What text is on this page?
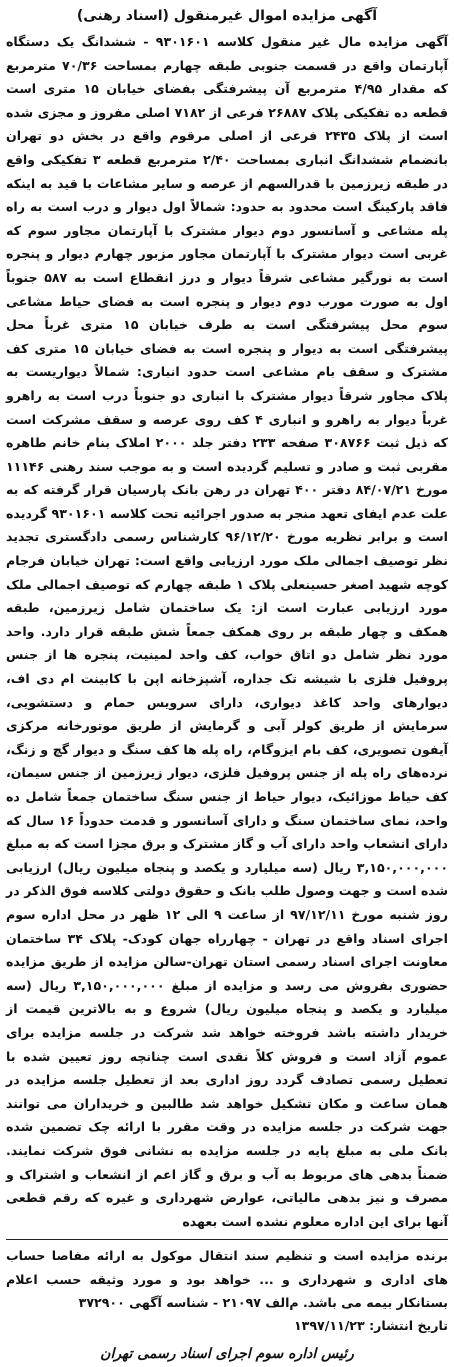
آگهی مزایده اموال غیرمنقول (اسناد رهنی)

آگهی مزایده مال غیر منقول کلاسه ۹۳۰۱۶۰۱ - ششدانگ یک دستگاه آپارتمان واقع در قسمت جنوبی طبقه چهارم بمساحت ۷۰/۳۶ مترمربع که مقدار ۴/۹۵ مترمربع آن پیشرفتگی بفضای خیابان ۱۵ متری است قطعه ده تفکیکی پلاک ۲۶۸۸۷ فرعی از ۷۱۸۲ اصلی مفروز و مجزی شده است از پلاک ۲۴۳۵ فرعی از اصلی مرقوم واقع در بخش دو تهران بانضمام ششدانگ انباری بمساحت ۲/۴۰ مترمربع قطعه ۳ تفکیکی واقع در طبقه زیرزمین با قدرالسهم از عرصه و سایر مشاعات با قید به اینکه فاقد پارکینگ است محدود به حدود: شمالاً اول دیوار و درب است به راه پله مشاعی و آسانسور دوم دیوار مشترک با آپارتمان مجاور سوم که غربی است دیوار مشترک با آپارتمان مجاور مزبور چهارم دیوار و پنجره است به نورگیر مشاعی شرقاً دیوار و درز انقطاع است به ۵۸۷ جنوباً اول به صورت مورب دوم دیوار و پنجره است به فضای حیاط مشاعی سوم محل پیشرفتگی است به طرف خیابان ۱۵ متری غرباً محل پیشرفتگی است به دیوار و پنجره است به فضای خیابان ۱۵ متری کف مشترک و سقف بام مشاعی است حدود انباری: شمالاً دیواریست به پلاک مجاور شرقاً دیوار مشترک با انباری دو جنوباً درب است به راهرو غرباً دیوار به راهرو و انباری ۴ کف روی عرصه و سقف مشرکت است که ذیل ثبت ۳۰۸۷۶۶ صفحه ۲۳۳ دفتر جلد ۲۰۰۰ املاک بنام خانم طاهره مقربی ثبت و صادر و تسلیم گردیده است و به موجب سند رهنی ۱۱۱۴۶ مورخ ۸۴/۰۷/۲۱ دفتر ۴۰۰ تهران در رهن بانک پارسیان قرار گرفته که به علت عدم ایفای تعهد منجر به صدور اجرائیه تحت کلاسه ۹۳۰۱۶۰۱ گردیده است و برابر نظریه مورخ ۹۶/۱۲/۲۰ کارشناس رسمی دادگستری تجدید نظر توصیف اجمالی ملک مورد ارزیابی واقع است: تهران خیابان فرجام کوچه شهید اصغر حسینعلی پلاک ۱ طبقه چهارم که توصیف اجمالی ملک مورد ارزیابی عبارت است از: یک ساختمان شامل زیرزمین، طبقه همکف و چهار طبقه بر روی همکف جمعاً شش طبقه قرار دارد. واحد مورد نظر شامل دو اتاق خواب، کف واحد لمینیت، پنجره ها از جنس پروفیل فلزی با شیشه تک جداره، آشپزخانه اپن با کابینت ام دی اف، دیوارهای واحد کاغذ دیواری، دارای سرویس حمام و دستشویی، سرمایش از طریق کولر آبی و گرمایش از طریق موتورخانه مرکزی آیفون تصویری، کف بام ایزوگام، راه پله ها کف سنگ و دیوار گچ و زنگ، نرده‌های راه پله از جنس پروفیل فلزی، دیوار زیرزمین از جنس سیمان، کف حیاط موزائیک، دیوار حیاط از جنس سنگ ساختمان جمعاً شامل ده واحد، نمای ساختمان سنگ و دارای آسانسور و قدمت حدوداً ۱۶ سال که دارای انشعاب واحد دارای آب و گاز مشترک و برق مجزا است که به مبلغ ۳,۱۵۰,۰۰۰,۰۰۰ ریال (سه میلیارد و یکصد و پنجاه میلیون ریال) ارزیابی شده است و جهت وصول طلب بانک و حقوق دولتی کلاسه فوق الذکر در روز شنبه مورخ ۹۷/۱۲/۱۱ از ساعت ۹ الی ۱۲ ظهر در محل اداره سوم اجرای اسناد واقع در تهران - چهارراه جهان کودک- پلاک ۳۴ ساختمان معاونت اجرای اسناد رسمی استان تهران-سالن مزایده از طریق مزایده حضوری بفروش می رسد و مزایده از مبلغ ۳,۱۵۰,۰۰۰,۰۰۰ ریال (سه میلیارد و یکصد و پنجاه میلیون ریال) شروع و به بالاترین قیمت از خریدار داشته باشد فروخته خواهد شد شرکت در جلسه مزایده برای عموم آزاد است و فروش کلاً نقدی است چنانچه روز تعیین شده با تعطیل رسمی تصادف گردد روز اداری بعد از تعطیل جلسه مزایده در همان ساعت و مکان تشکیل خواهد شد طالبین و خریداران می توانند جهت شرکت در جلسه مزایده در وقت مقرر با ارائه چک تضمین شده بانک ملی به مبلغ پایه در جلسه مزایده به نشانی فوق شرکت نمایند. ضمناً بدهی های مربوط به آب و برق و گاز اعم از انشعاب و اشتراک و مصرف و نیز بدهی مالیاتی، عوارض شهرداری و غیره که رقم قطعی آنها برای این اداره معلوم نشده است بعهده

برنده مزایده است و تنظیم سند انتقال موکول به ارائه مفاصا حساب های اداری و شهرداری و ... خواهد بود و مورد وثیقه حسب اعلام بستانکار بیمه می باشد. م‌الف ۲۱۰۹۷ - شناسه آگهی ۳۷۲۹۰۰

تاریخ انتشار: ۱۳۹۷/۱۱/۲۳

رئیس اداره سوم اجرای اسناد رسمی تهران
